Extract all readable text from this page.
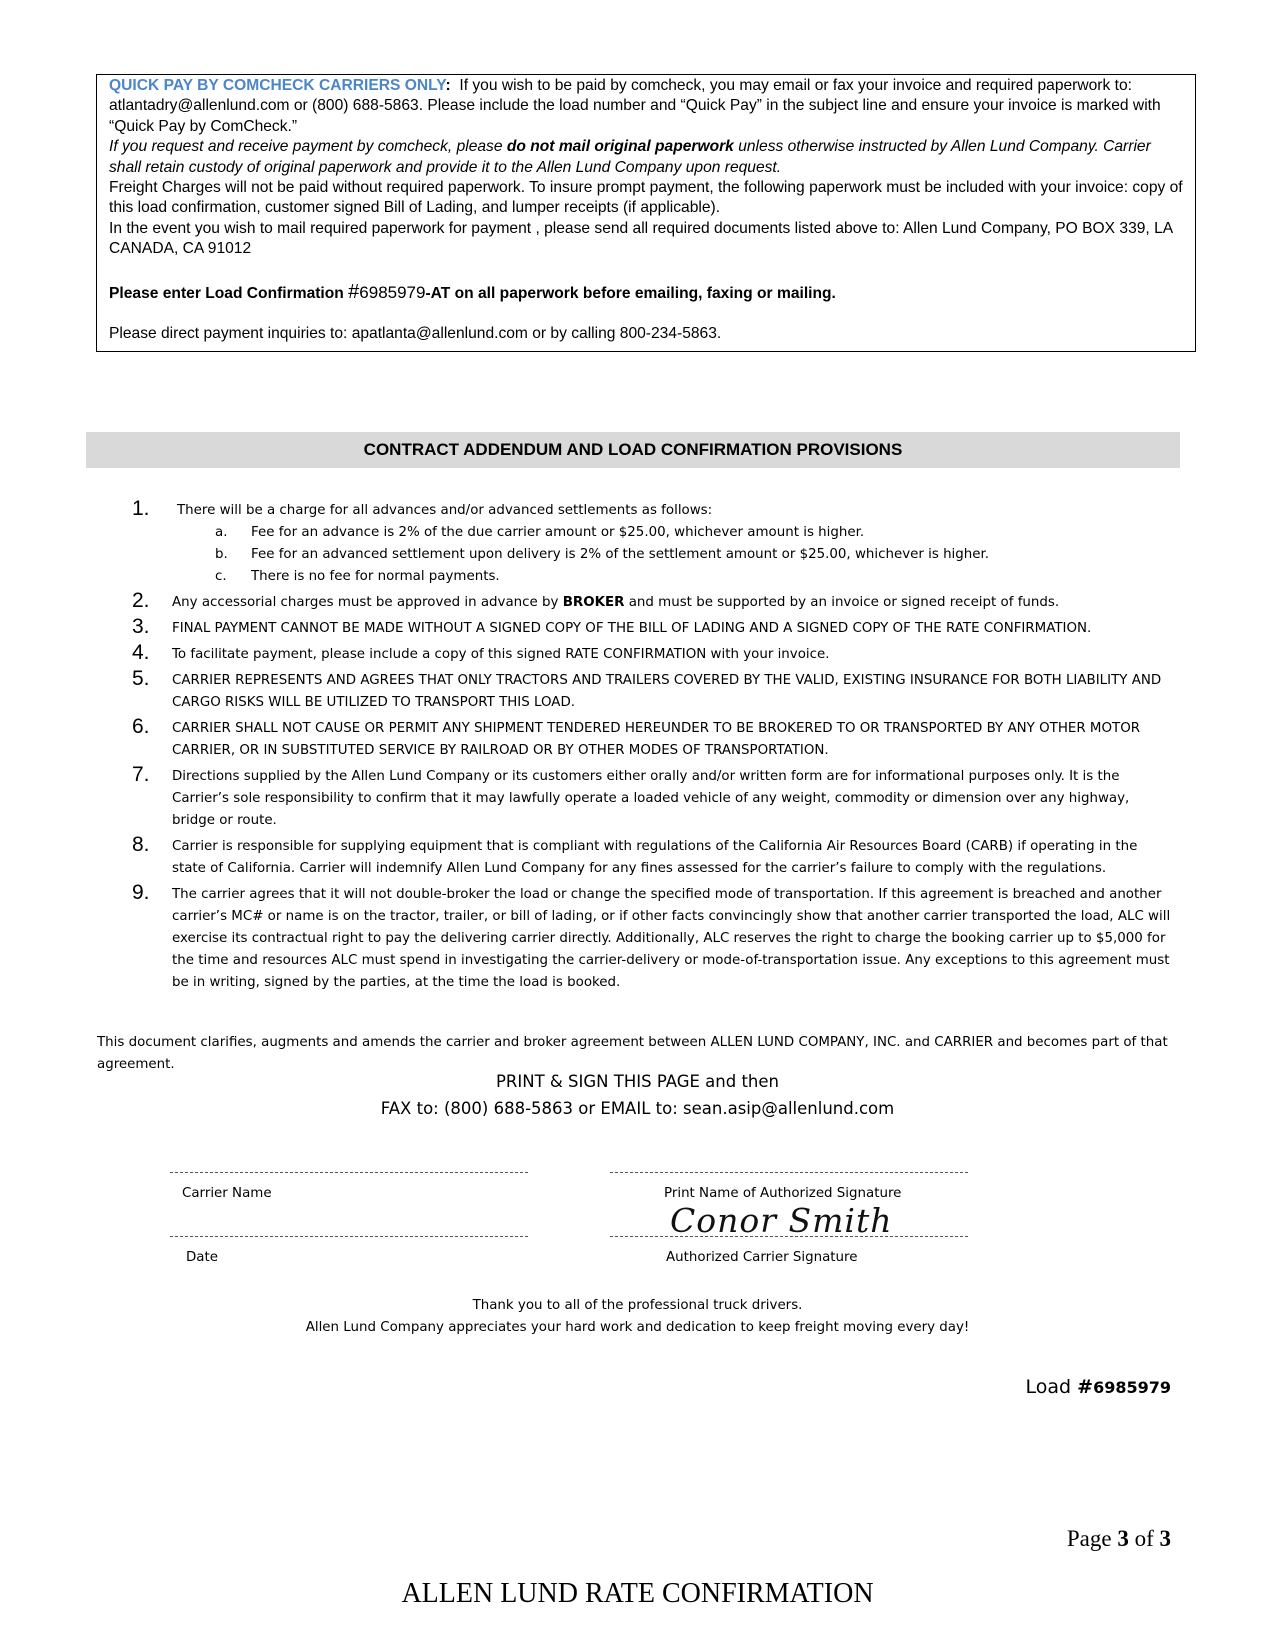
QUICK PAY BY COMCHECK CARRIERS ONLY: If you wish to be paid by comcheck, you may email or fax your invoice and required paperwork to: atlantadry@allenlund.com or (800) 688-5863. Please include the load number and “Quick Pay” in the subject line and ensure your invoice is marked with “Quick Pay by ComCheck.”

If you request and receive payment by comcheck, please do not mail original paperwork unless otherwise instructed by Allen Lund Company. Carrier shall retain custody of original paperwork and provide it to the Allen Lund Company upon request.

Freight Charges will not be paid without required paperwork. To insure prompt payment, the following paperwork must be included with your invoice: copy of this load confirmation, customer signed Bill of Lading, and lumper receipts (if applicable).

In the event you wish to mail required paperwork for payment , please send all required documents listed above to: Allen Lund Company, PO BOX 339, LA CANADA, CA 91012

Please enter Load Confirmation #6985979-AT on all paperwork before emailing, faxing or mailing.

Please direct payment inquiries to: apatlanta@allenlund.com or by calling 800-234-5863.

CONTRACT ADDENDUM AND LOAD CONFIRMATION PROVISIONS
1. There will be a charge for all advances and/or advanced settlements as follows:
a.	Fee for an advance is 2% of the due carrier amount or $25.00, whichever amount is higher.
b.	Fee for an advanced settlement upon delivery is 2% of the settlement amount or $25.00, whichever is higher.
c.	There is no fee for normal payments.
2. Any accessorial charges must be approved in advance by BROKER and must be supported by an invoice or signed receipt of funds.
3. FINAL PAYMENT CANNOT BE MADE WITHOUT A SIGNED COPY OF THE BILL OF LADING AND A SIGNED COPY OF THE RATE CONFIRMATION.
4. To facilitate payment, please include a copy of this signed RATE CONFIRMATION with your invoice.
5. CARRIER REPRESENTS AND AGREES THAT ONLY TRACTORS AND TRAILERS COVERED BY THE VALID, EXISTING INSURANCE FOR BOTH LIABILITY AND CARGO RISKS WILL BE UTILIZED TO TRANSPORT THIS LOAD.
6. CARRIER SHALL NOT CAUSE OR PERMIT ANY SHIPMENT TENDERED HEREUNDER TO BE BROKERED TO OR TRANSPORTED BY ANY OTHER MOTOR CARRIER, OR IN SUBSTITUTED SERVICE BY RAILROAD OR BY OTHER MODES OF TRANSPORTATION.
7. Directions supplied by the Allen Lund Company or its customers either orally and/or written form are for informational purposes only. It is the Carrier’s sole responsibility to confirm that it may lawfully operate a loaded vehicle of any weight, commodity or dimension over any highway, bridge or route.
8. Carrier is responsible for supplying equipment that is compliant with regulations of the California Air Resources Board (CARB) if operating in the state of California. Carrier will indemnify Allen Lund Company for any fines assessed for the carrier’s failure to comply with the regulations.
9. The carrier agrees that it will not double-broker the load or change the specified mode of transportation. If this agreement is breached and another carrier’s MC# or name is on the tractor, trailer, or bill of lading, or if other facts convincingly show that another carrier transported the load, ALC will exercise its contractual right to pay the delivering carrier directly. Additionally, ALC reserves the right to charge the booking carrier up to $5,000 for the time and resources ALC must spend in investigating the carrier-delivery or mode-of-transportation issue. Any exceptions to this agreement must be in writing, signed by the parties, at the time the load is booked.
This document clarifies, augments and amends the carrier and broker agreement between ALLEN LUND COMPANY, INC. and CARRIER and becomes part of that agreement.
PRINT & SIGN THIS PAGE and then
FAX to: (800) 688-5863 or EMAIL to: sean.asip@allenlund.com
Carrier Name	Print Name of Authorized Signature
Conor Smith
Date	Authorized Carrier Signature
Thank you to all of the professional truck drivers.
Allen Lund Company appreciates your hard work and dedication to keep freight moving every day!
Load #6985979
Page 3 of 3
ALLEN LUND RATE CONFIRMATION
